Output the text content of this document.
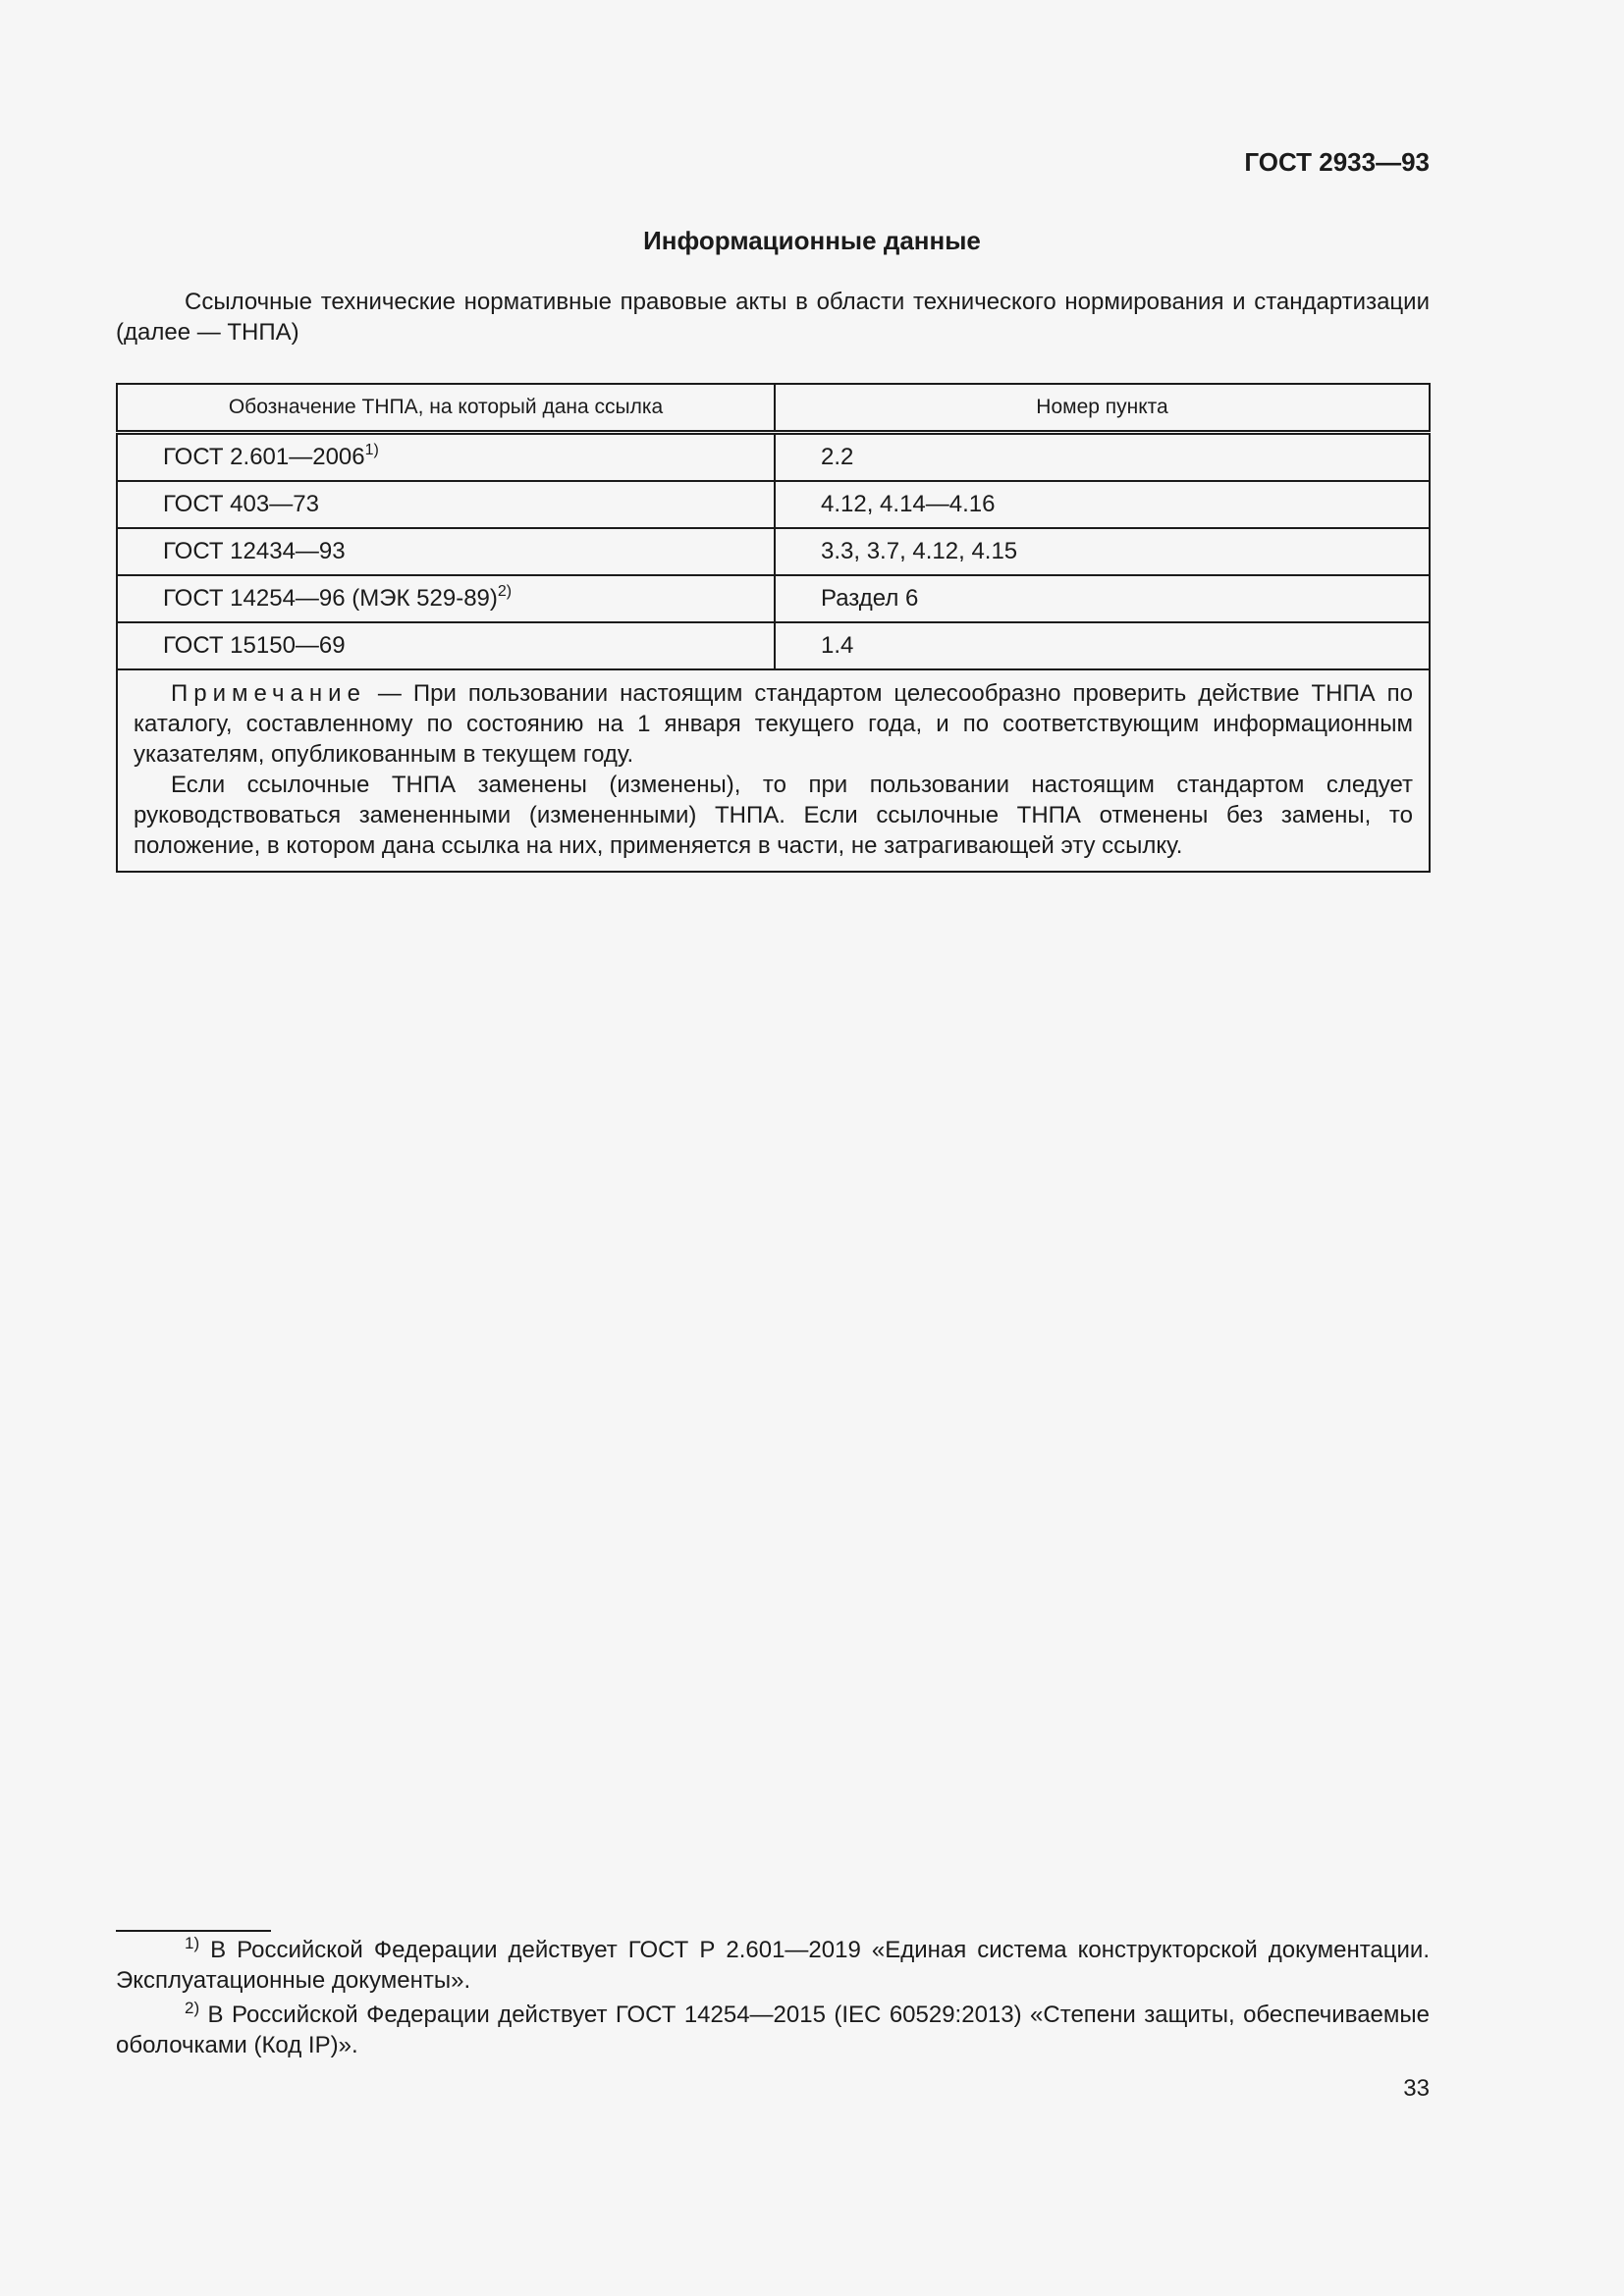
ГОСТ 2933—93

Информационные данные

Ссылочные технические нормативные правовые акты в области технического нормирования и стандартизации (далее — ТНПА)

Обозначение ТНПА, на который дана ссылка	Номер пункта
ГОСТ 2.601—2006$^{1)}$	2.2
ГОСТ 403—73	4.12, 4.14—4.16
ГОСТ 12434—93	3.3, 3.7, 4.12, 4.15
ГОСТ 14254—96 (МЭК 529-89)$^{2)}$	Раздел 6
ГОСТ 15150—69	1.4

Примечание — При пользовании настоящим стандартом целесообразно проверить действие ТНПА по каталогу, составленному по состоянию на 1 января текущего года, и по соответствующим информационным указателям, опубликованным в текущем году.

Если ссылочные ТНПА заменены (изменены), то при пользовании настоящим стандартом следует руководствоваться замененными (измененными) ТНПА. Если ссылочные ТНПА отменены без замены, то положение, в котором дана ссылка на них, применяется в части, не затрагивающей эту ссылку.	

$^{1)}$ В Российской Федерации действует ГОСТ Р 2.601—2019 «Единая система конструкторской документации. Эксплуатационные документы».

$^{2)}$ В Российской Федерации действует ГОСТ 14254—2015 (IEC 60529:2013) «Степени защиты, обеспечиваемые оболочками (Код IP)».

33
